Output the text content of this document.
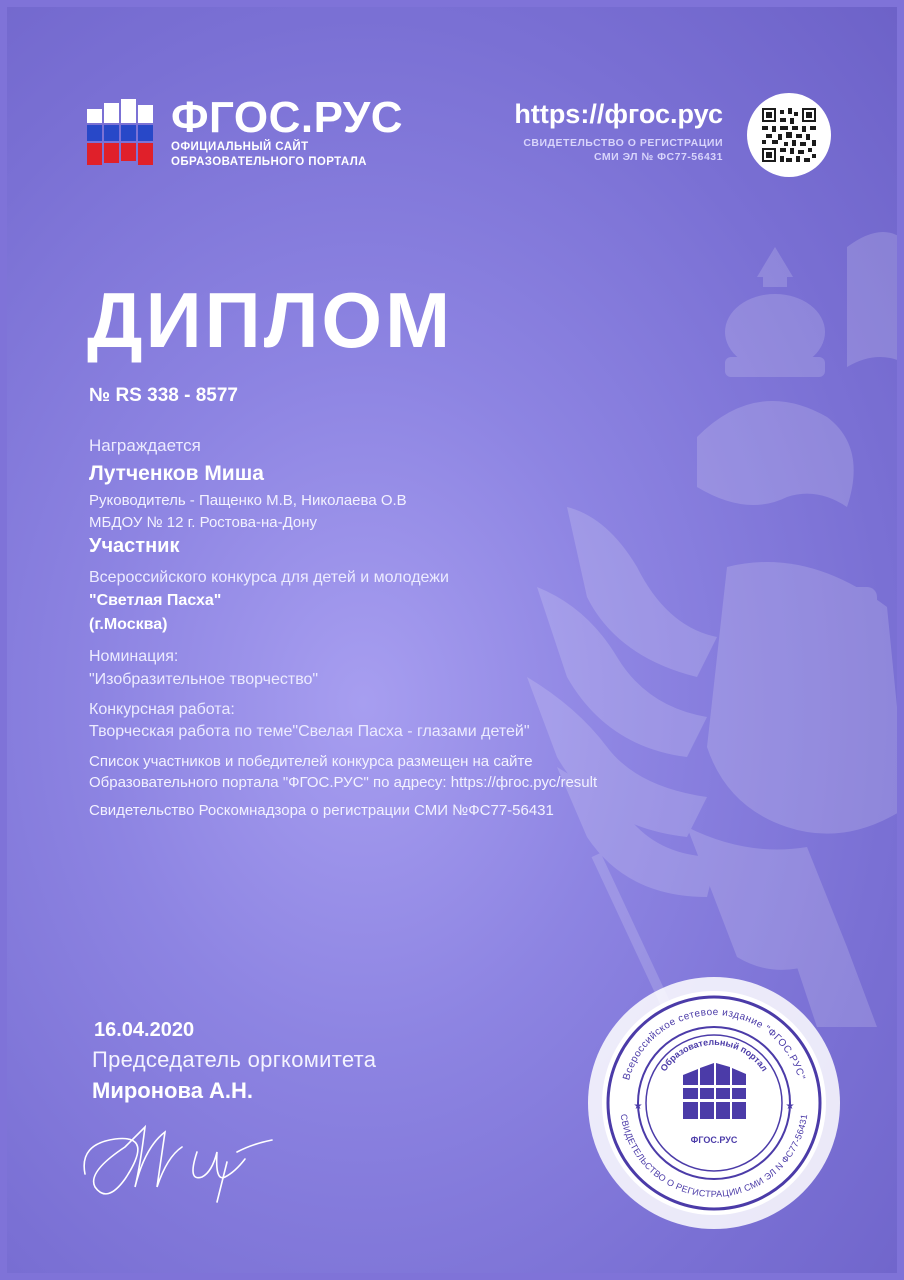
ФГОС.РУС
ОФИЦИАЛЬНЫЙ САЙТ
ОБРАЗОВАТЕЛЬНОГО ПОРТАЛА
https://фгос.рус
СВИДЕТЕЛЬСТВО О РЕГИСТРАЦИИ
СМИ ЭЛ № ФС77-56431
ДИПЛОМ
№ RS 338 - 8577
Награждается
Лутченков Миша
Руководитель - Пащенко М.В, Николаева О.В
МБДОУ № 12 г. Ростова-на-Дону
Участник
Всероссийского конкурса для детей и молодежи
"Светлая Пасха"
(г.Москва)
Номинация:
"Изобразительное творчество"
Конкурсная работа:
Творческая работа по теме"Свелая Пасха - глазами детей"
Список участников и победителей конкурса размещен на сайте
Образовательного портала "ФГОС.РУС" по адресу: https://фгос.рус/result
Свидетельство Роскомнадзора о регистрации СМИ №ФС77-56431
16.04.2020
Председатель оргкомитета
Миронова А.Н.
Всероссийское сетевое издание "ФГОС.РУС"
СВИДЕТЕЛЬСТВО О РЕГИСТРАЦИИ СМИ ЭЛ N ФС77-56431
Образовательный портал
ФГОС.РУС
★	★
